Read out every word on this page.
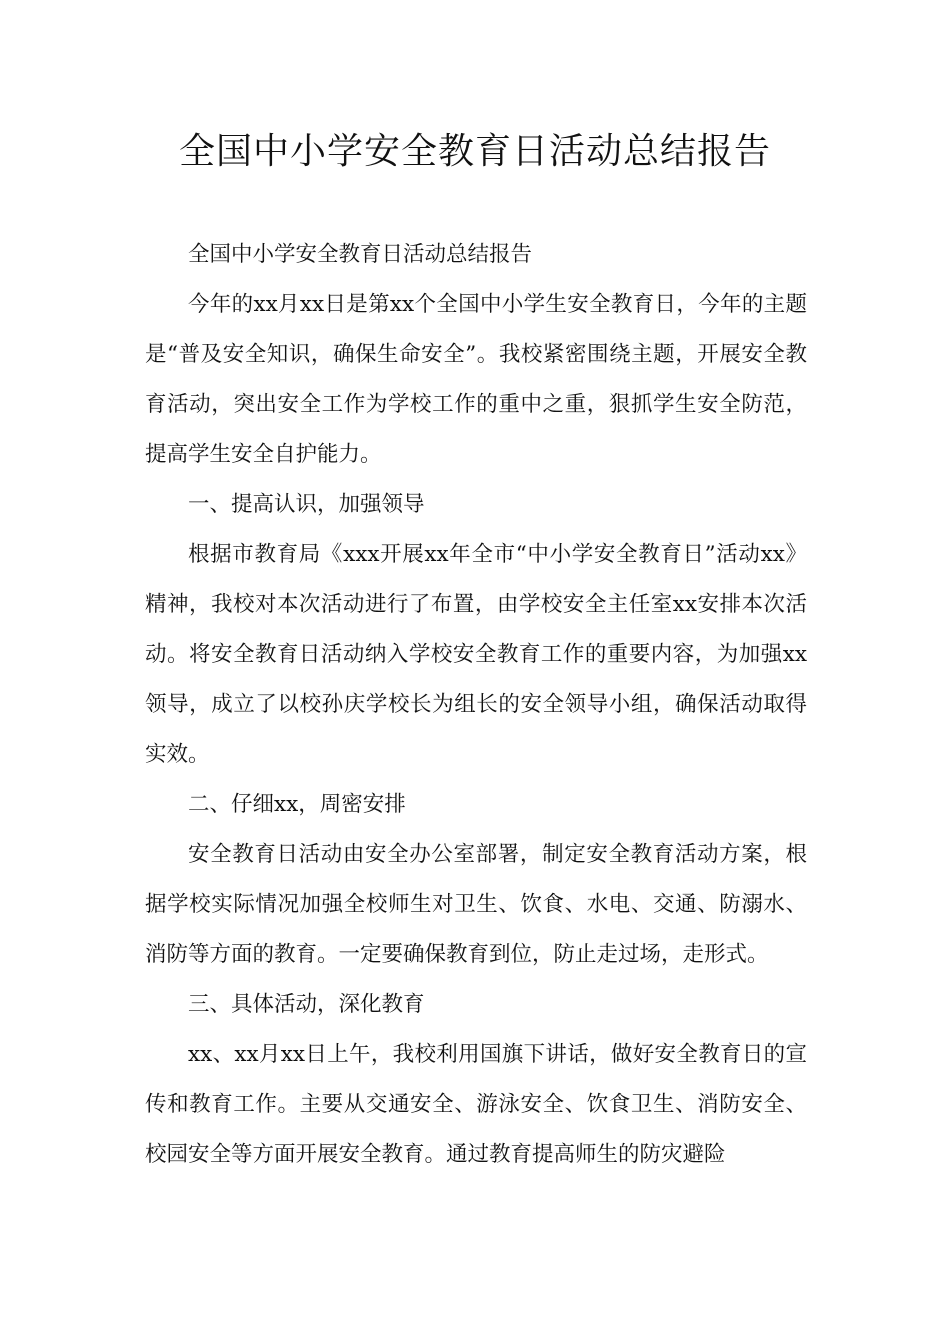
全国中小学安全教育日活动总结报告

全国中小学安全教育日活动总结报告

今年的xx月xx日是第xx个全国中小学生安全教育日，今年的主题是“普及安全知识，确保生命安全”。我校紧密围绕主题，开展安全教育活动，突出安全工作为学校工作的重中之重，狠抓学生安全防范，提高学生安全自护能力。

一、提高认识，加强领导

根据市教育局《xxx开展xx年全市“中小学安全教育日”活动xx》精神，我校对本次活动进行了布置，由学校安全主任室xx安排本次活动。将安全教育日活动纳入学校安全教育工作的重要内容，为加强xx领导，成立了以校孙庆学校长为组长的安全领导小组，确保活动取得实效。

二、仔细xx，周密安排

安全教育日活动由安全办公室部署，制定安全教育活动方案，根据学校实际情况加强全校师生对卫生、饮食、水电、交通、防溺水、消防等方面的教育。一定要确保教育到位，防止走过场，走形式。

三、具体活动，深化教育

xx、xx月xx日上午，我校利用国旗下讲话，做好安全教育日的宣传和教育工作。主要从交通安全、游泳安全、饮食卫生、消防安全、校园安全等方面开展安全教育。通过教育提高师生的防灾避险
